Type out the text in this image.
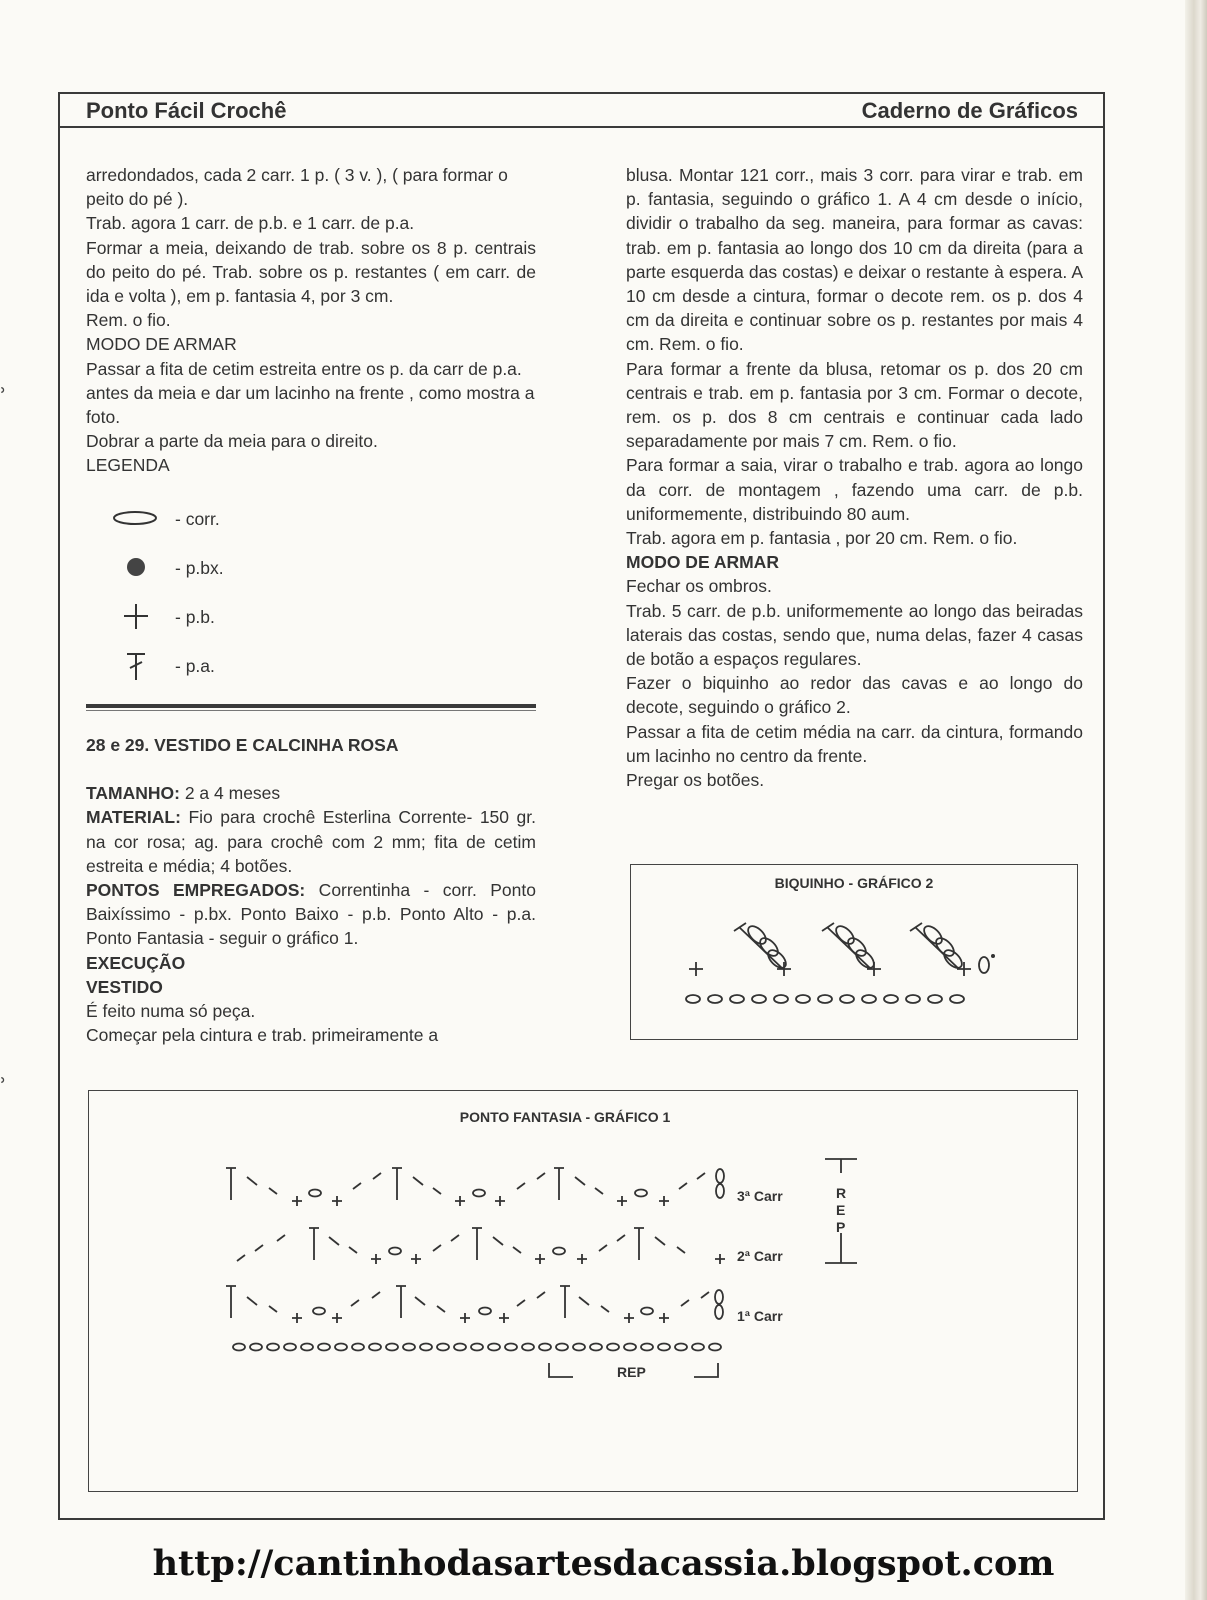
ʾ
ʾ
Ponto Fácil Crochê	Caderno de Gráficos

arredondados, cada 2 carr. 1 p. ( 3 v. ), ( para formar o peito do pé ).

Trab. agora 1 carr. de p.b. e 1 carr. de p.a.

Formar a meia, deixando de trab. sobre os 8 p. centrais do peito do pé. Trab. sobre os p. restantes ( em carr. de ida e volta ), em p. fantasia 4, por 3 cm.

Rem. o fio.

MODO DE ARMAR

Passar a fita de cetim estreita entre os p. da carr de p.a. antes da meia e dar um lacinho na frente , como mostra a foto.

Dobrar a parte da meia para o direito.

LEGENDA

- corr.
- p.bx.
- p.b.
- p.a.

28 e 29. VESTIDO E CALCINHA ROSA

TAMANHO: 2 a 4 meses

MATERIAL: Fio para crochê Esterlina Corrente- 150 gr. na cor rosa; ag. para crochê com 2 mm; fita de cetim estreita e média; 4 botões.

PONTOS EMPREGADOS: Correntinha - corr. Ponto Baixíssimo - p.bx. Ponto Baixo - p.b. Ponto Alto - p.a. Ponto Fantasia - seguir o gráfico 1.

EXECUÇÃO

VESTIDO

É feito numa só peça.

Começar pela cintura e trab. primeiramente a

blusa. Montar 121 corr., mais 3 corr. para virar e trab. em p. fantasia, seguindo o gráfico 1. A 4 cm desde o início, dividir o trabalho da seg. maneira, para formar as cavas: trab. em p. fantasia ao longo dos 10 cm da direita (para a parte esquerda das costas) e deixar o restante à espera. A 10 cm desde a cintura, formar o decote rem. os p. dos 4 cm da direita e continuar sobre os p. restantes por mais 4 cm. Rem. o fio.

Para formar a frente da blusa, retomar os p. dos 20 cm centrais e trab. em p. fantasia por 3 cm. Formar o decote, rem. os p. dos 8 cm centrais e continuar cada lado separadamente por mais 7 cm. Rem. o fio.

Para formar a saia, virar o trabalho e trab. agora ao longo da corr. de montagem , fazendo uma carr. de p.b. uniformemente, distribuindo 80 aum.

Trab. agora em p. fantasia , por 20 cm. Rem. o fio.

MODO DE ARMAR

Fechar os ombros.

Trab. 5 carr. de p.b. uniformemente ao longo das beiradas laterais das costas, sendo que, numa delas, fazer 4 casas de botão a espaços regulares.

Fazer o biquinho ao redor das cavas e ao longo do decote, seguindo o gráfico 2.

Passar a fita de cetim média na carr. da cintura, formando um lacinho no centro da frente.

Pregar os botões.

BIQUINHO - GRÁFICO 2
PONTO FANTASIA - GRÁFICO 1
3ª Carr
2ª Carr
1ª Carr
REP
R
E
P
http://cantinhodasartesdacassia.blogspot.com
